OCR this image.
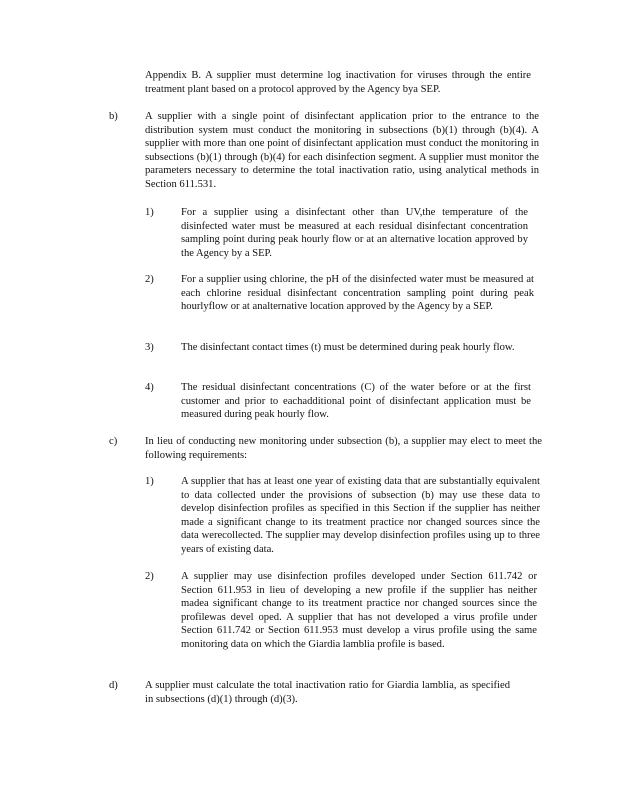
Appendix B. A supplier must determine log inactivation for viruses through the entire treatment plant based on a protocol approved by the Agency bya SEP.

b)	A supplier with a single point of disinfectant application prior to the entrance to the distribution system must conduct the monitoring in subsections (b)(1) through (b)(4). A supplier with more than one point of disinfectant application must conduct the monitoring in subsections (b)(1) through (b)(4) for each disinfection segment. A supplier must monitor the parameters necessary to determine the total inactivation ratio, using analytical methods in Section 611.531.

1)	For a supplier using a disinfectant other than UV,the temperature of the disinfected water must be measured at each residual disinfectant concentration sampling point during peak hourly flow or at an alternative location approved by the Agency by a SEP.

2)	For a supplier using chlorine, the pH of the disinfected water must be measured at each chlorine residual disinfectant concentration sampling point during peak hourlyflow or at analternative location approved by the Agency by a SEP.

3)	The disinfectant contact times (t) must be determined during peak hourly flow.

4)	The residual disinfectant concentrations (C) of the water before or at the first customer and prior to eachadditional point of disinfectant application must be measured during peak hourly flow.

c)	In lieu of conducting new monitoring under subsection (b), a supplier may elect to meet the following requirements:

1)	A supplier that has at least one year of existing data that are substantially equivalent to data collected under the provisions of subsection (b) may use these data to develop disinfection profiles as specified in this Section if the supplier has neither made a significant change to its treatment practice nor changed sources since the data werecollected. The supplier may develop disinfection profiles using up to three years of existing data.

2)	A supplier may use disinfection profiles developed under Section 611.742 or Section 611.953 in lieu of developing a new profile if the supplier has neither madea significant change to its treatment practice nor changed sources since the profilewas devel oped. A supplier that has not developed a virus profile under Section 611.742 or Section 611.953 must develop a virus profile using the same monitoring data on which the Giardia lamblia profile is based.

d)	A supplier must calculate the total inactivation ratio for Giardia lamblia, as specified in subsections (d)(1) through (d)(3).
